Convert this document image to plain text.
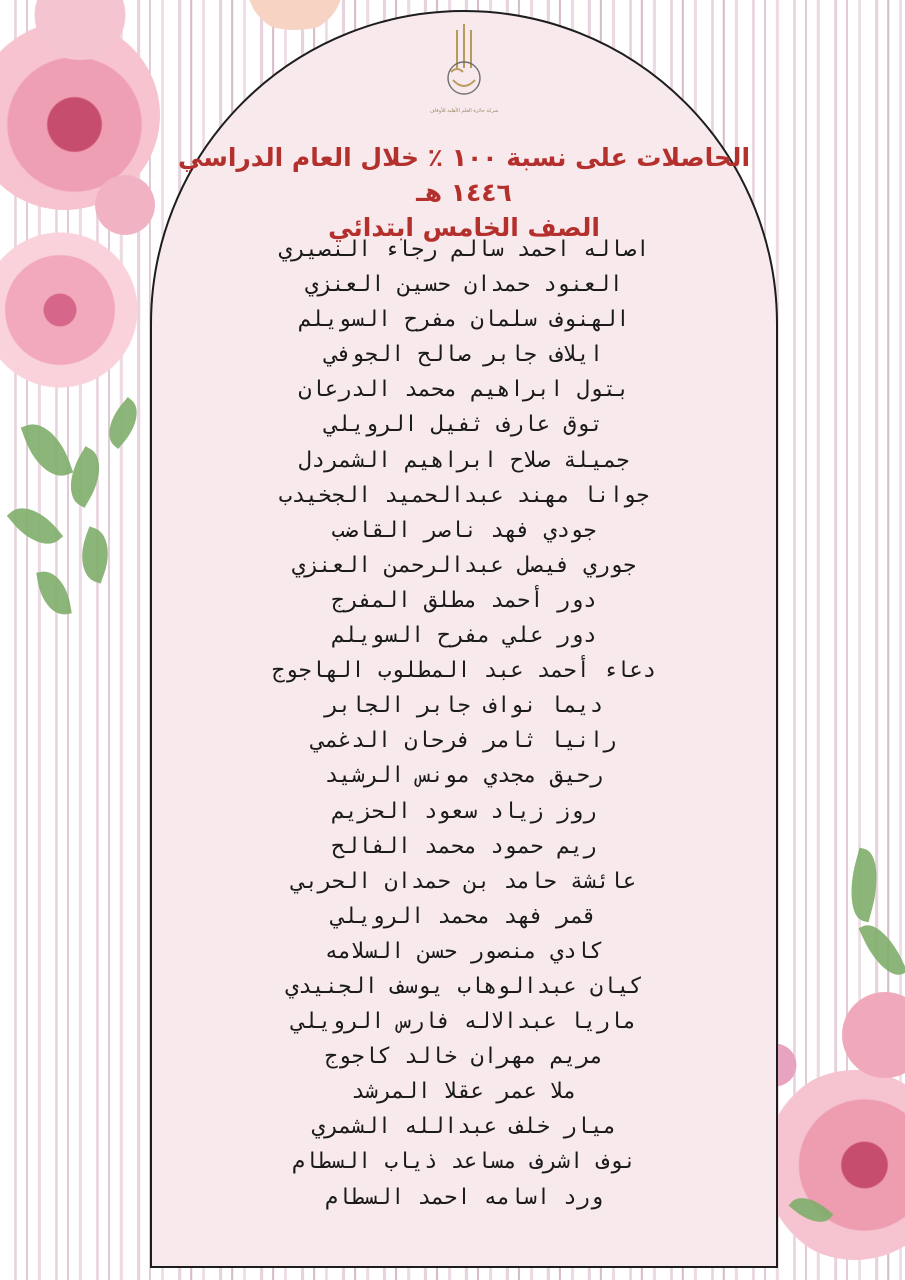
شركة جائزة العلم الأهلية للأوقاف
الحاصلات على نسبة ١٠٠ ٪ خلال العام الدراسي ١٤٤٦ هـ
الصف الخامس ابتدائي
اصاله احمد سالم رجاء النصيري
العنود حمدان حسين العنزي
الهنوف سلمان مفرح السويلم
ايلاف جابر صالح الجوفي
بتول ابراهيم محمد الدرعان
توق عارف ثفيل الرويلي
جميلة صلاح ابراهيم الشمردل
جوانا مهند عبدالحميد الجخيدب
جودي فهد ناصر القاضب
جوري فيصل عبدالرحمن العنزي
دور أحمد مطلق المفرج
دور علي مفرح السويلم
دعاء أحمد عبد المطلوب الهاجوج
ديما نواف جابر الجابر
رانيا ثامر فرحان الدغمي
رحيق مجدي مونس الرشيد
روز زياد سعود الحزيم
ريم حمود محمد الفالح
عائشة حامد بن حمدان الحربي
قمر فهد محمد الرويلي
كادي منصور حسن السلامه
كيان عبدالوهاب يوسف الجنيدي
ماريا عبدالاله فارس الرويلي
مريم مهران خالد كاجوج
ملا عمر عقلا المرشد
ميار خلف عبدالله الشمري
نوف اشرف مساعد ذياب السطام
ورد اسامه احمد السطام
